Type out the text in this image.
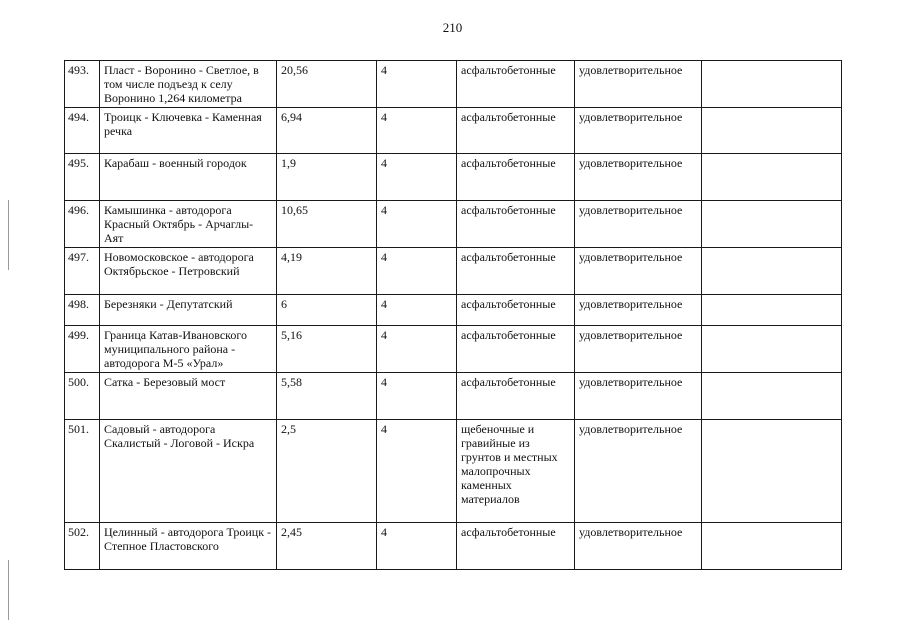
210
493.	Пласт - Воронино - Светлое, в том числе подъезд к селу Воронино 1,264 километра	20,56	4	асфальтобетонные	удовлетворительное	
494.	Троицк - Ключевка - Каменная речка	6,94	4	асфальтобетонные	удовлетворительное	
495.	Карабаш - военный городок	1,9	4	асфальтобетонные	удовлетворительное	
496.	Камышинка - автодорога Красный Октябрь - Арчаглы-Аят	10,65	4	асфальтобетонные	удовлетворительное	
497.	Новомосковское - автодорога Октябрьское - Петровский	4,19	4	асфальтобетонные	удовлетворительное	
498.	Березняки - Депутатский	6	4	асфальтобетонные	удовлетворительное	
499.	Граница Катав-Ивановского муниципального района - автодорога М-5 «Урал»	5,16	4	асфальтобетонные	удовлетворительное	
500.	Сатка - Березовый мост	5,58	4	асфальтобетонные	удовлетворительное	
501.	Садовый - автодорога Скалистый - Логовой - Искра	2,5	4	щебеночные и гравийные из грунтов и местных малопрочных каменных материалов	удовлетворительное	
502.	Целинный - автодорога Троицк - Степное Пластовского	2,45	4	асфальтобетонные	удовлетворительное	
